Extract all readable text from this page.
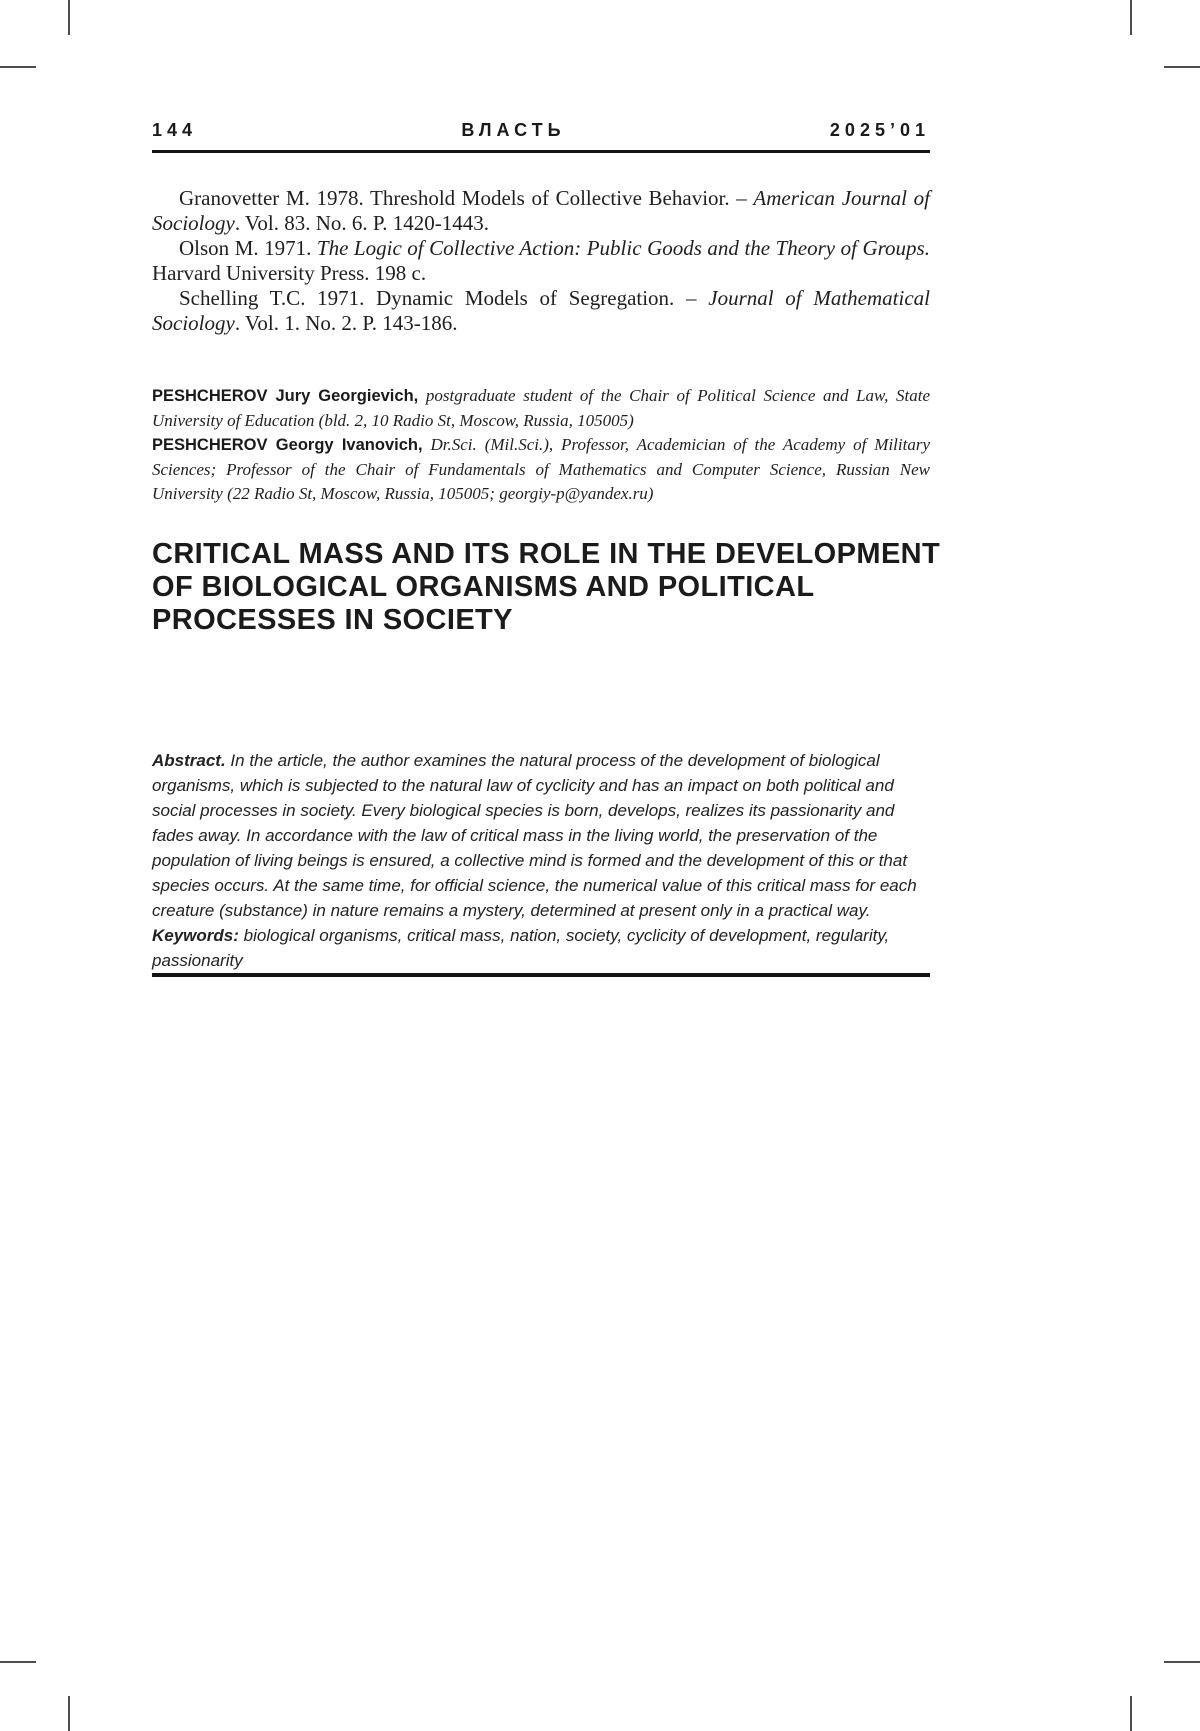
144	ВЛАСТЬ	2025’01

Granovetter M. 1978. Threshold Models of Collective Behavior. – American Journal of Sociology. Vol. 83. No. 6. P. 1420-1443.

Olson M. 1971. The Logic of Collective Action: Public Goods and the Theory of Groups. Harvard University Press. 198 c.

Schelling T.C. 1971. Dynamic Models of Segregation. – Journal of Mathematical Sociology. Vol. 1. No. 2. P. 143-186.

PESHCHEROV Jury Georgievich, postgraduate student of the Chair of Political Science and Law, State University of Education (bld. 2, 10 Radio St, Moscow, Russia, 105005)

PESHCHEROV Georgy Ivanovich, Dr.Sci. (Mil.Sci.), Professor, Academician of the Academy of Military Sciences; Professor of the Chair of Fundamentals of Mathematics and Computer Science, Russian New University (22 Radio St, Moscow, Russia, 105005; georgiy-p@yandex.ru)

CRITICAL MASS AND ITS ROLE IN THE DEVELOPMENT
OF BIOLOGICAL ORGANISMS AND POLITICAL
PROCESSES IN SOCIETY

Abstract. In the article, the author examines the natural process of the development of biological organisms, which is subjected to the natural law of cyclicity and has an impact on both political and social processes in society. Every biological species is born, develops, realizes its passionarity and fades away. In accordance with the law of critical mass in the living world, the preservation of the population of living beings is ensured, a collective mind is formed and the development of this or that species occurs. At the same time, for official science, the numerical value of this critical mass for each creature (substance) in nature remains a mystery, determined at present only in a practical way.

Keywords: biological organisms, critical mass, nation, society, cyclicity of development, regularity, passionarity
